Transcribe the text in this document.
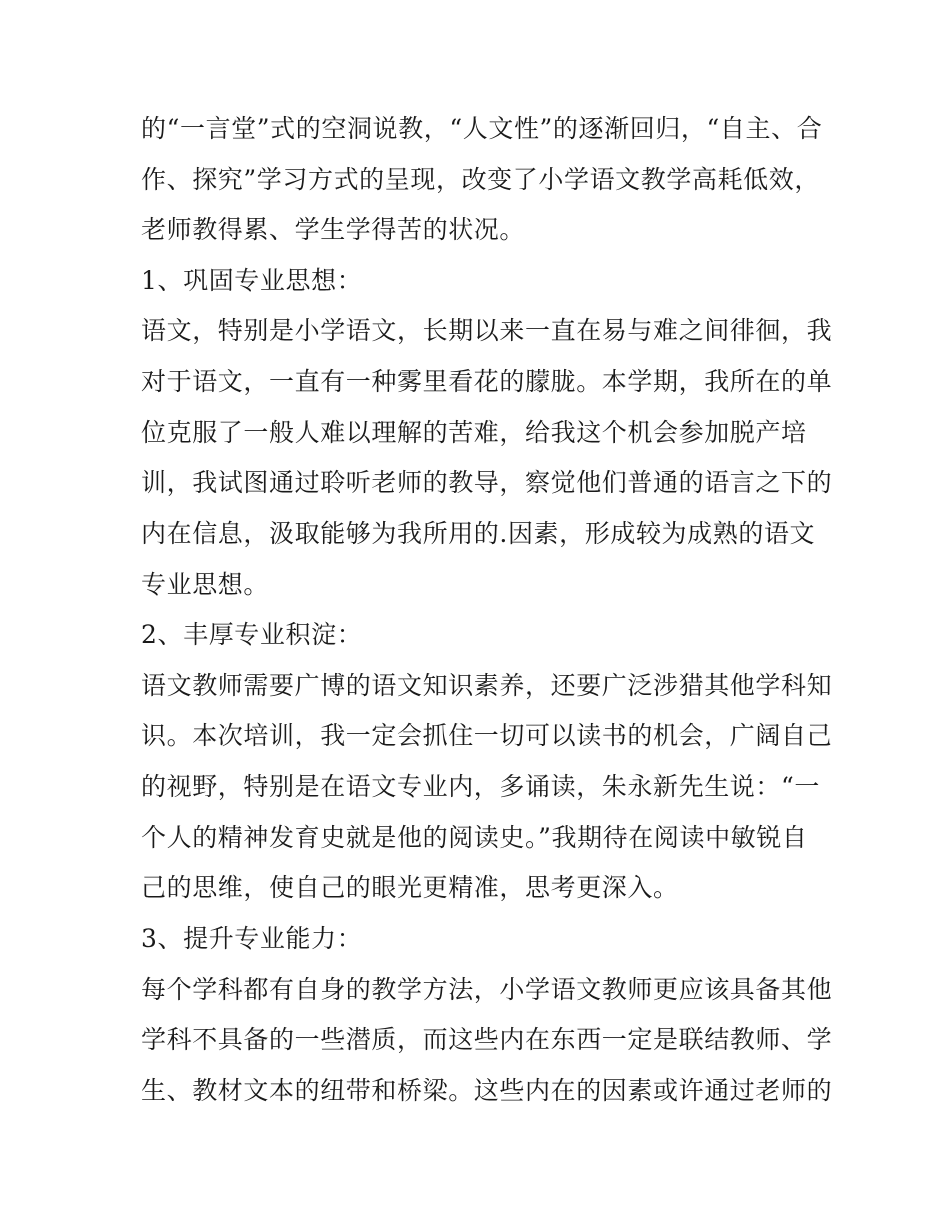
的“一言堂”式的空洞说教，“人文性”的逐渐回归，“自主、合
作、探究”学习方式的呈现，改变了小学语文教学高耗低效，
老师教得累、学生学得苦的状况。
1、巩固专业思想：
语文，特别是小学语文，长期以来一直在易与难之间徘徊，我
对于语文，一直有一种雾里看花的朦胧。本学期，我所在的单
位克服了一般人难以理解的苦难，给我这个机会参加脱产培
训，我试图通过聆听老师的教导，察觉他们普通的语言之下的
内在信息，汲取能够为我所用的.因素，形成较为成熟的语文
专业思想。
2、丰厚专业积淀：
语文教师需要广博的语文知识素养，还要广泛涉猎其他学科知
识。本次培训，我一定会抓住一切可以读书的机会，广阔自己
的视野，特别是在语文专业内，多诵读，朱永新先生说：“一
个人的精神发育史就是他的阅读史。”我期待在阅读中敏锐自
己的思维，使自己的眼光更精准，思考更深入。
3、提升专业能力：
每个学科都有自身的教学方法，小学语文教师更应该具备其他
学科不具备的一些潜质，而这些内在东西一定是联结教师、学
生、教材文本的纽带和桥梁。这些内在的因素或许通过老师的
